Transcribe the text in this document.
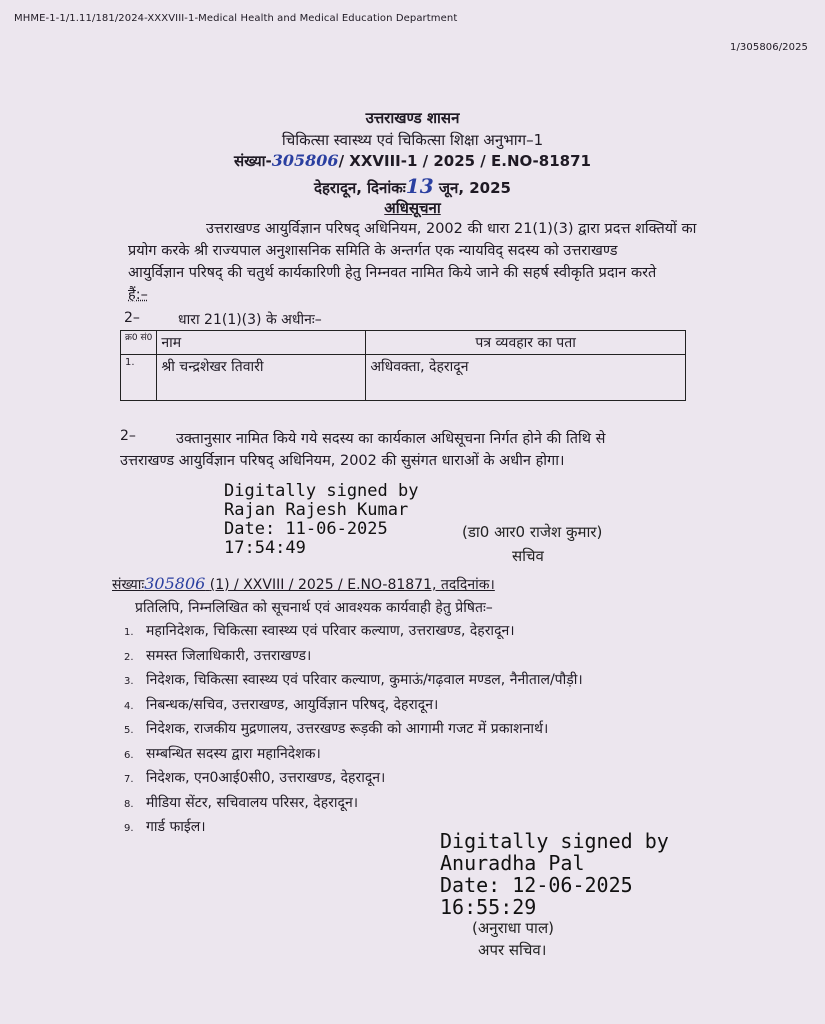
MHME-1-1/1.11/181/2024-XXXVIII-1-Medical Health and Medical Education Department
1/305806/2025
उत्तराखण्ड शासन
चिकित्सा स्वास्थ्य एवं चिकित्सा शिक्षा अनुभाग–1
संख्या-305806/ XXVIII-1 / 2025 / E.NO-81871
देहरादून, दिनांकः13 जून, 2025
अधिसूचना
उत्तराखण्ड आयुर्विज्ञान परिषद् अधिनियम, 2002 की धारा 21(1)(3) द्वारा प्रदत्त शक्तियों का
प्रयोग करके श्री राज्यपाल अनुशासनिक समिति के अन्तर्गत एक न्यायविद् सदस्य को उत्तराखण्ड
आयुर्विज्ञान परिषद् की चतुर्थ कार्यकारिणी हेतु निम्नवत नामित किये जाने की सहर्ष स्वीकृति प्रदान करते
हैं:–
2–	धारा 21(1)(3) के अधीनः–
क्र0 सं0	नाम	पत्र व्यवहार का पता
1.	श्री चन्द्रशेखर तिवारी	अधिवक्ता, देहरादून
2–	उक्तानुसार नामित किये गये सदस्य का कार्यकाल अधिसूचना निर्गत होने की तिथि से
उत्तराखण्ड आयुर्विज्ञान परिषद् अधिनियम, 2002 की सुसंगत धाराओं के अधीन होगा।
Digitally signed by
Rajan Rajesh Kumar
Date: 11-06-2025
17:54:49
(डा0 आर0 राजेश कुमार)
सचिव
संख्याः305806 (1) / XXVIII / 2025 / E.NO-81871, तददिनांक।
प्रतिलिपि, निम्नलिखित को सूचनार्थ एवं आवश्यक कार्यवाही हेतु प्रेषितः–
1. महानिदेशक, चिकित्सा स्वास्थ्य एवं परिवार कल्याण, उत्तराखण्ड, देहरादून।
2. समस्त जिलाधिकारी, उत्तराखण्ड।
3. निदेशक, चिकित्सा स्वास्थ्य एवं परिवार कल्याण, कुमाऊं/गढ़वाल मण्डल, नैनीताल/पौड़ी।
4. निबन्धक/सचिव, उत्तराखण्ड, आयुर्विज्ञान परिषद्, देहरादून।
5. निदेशक, राजकीय मुद्रणालय, उत्तरखण्ड रूड़की को आगामी गजट में प्रकाशनार्थ।
6. सम्बन्धित सदस्य द्वारा महानिदेशक।
7. निदेशक, एन0आई0सी0, उत्तराखण्ड, देहरादून।
8. मीडिया सेंटर, सचिवालय परिसर, देहरादून।
9. गार्ड फाईल।
Digitally signed by
Anuradha Pal
Date: 12-06-2025
16:55:29
(अनुराधा पाल)
अपर सचिव।
